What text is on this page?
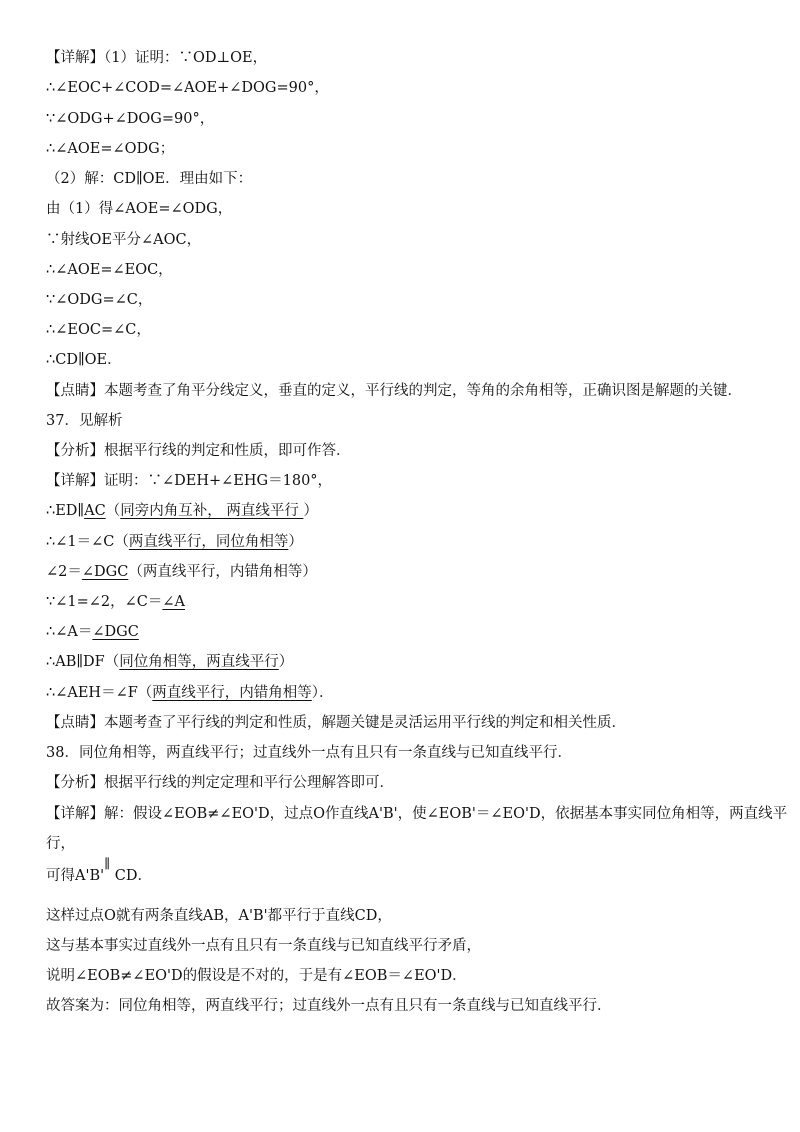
【详解】（1）证明：∵OD⊥OE，
∴∠EOC+∠COD=∠AOE+∠DOG=90°，
∵∠ODG+∠DOG=90°，
∴∠AOE=∠ODG；
（2）解：CD∥OE．理由如下：
由（1）得∠AOE=∠ODG，
∵射线OE平分∠AOC，
∴∠AOE=∠EOC，
∵∠ODG=∠C，
∴∠EOC=∠C，
∴CD∥OE．
【点睛】本题考查了角平分线定义，垂直的定义，平行线的判定，等角的余角相等，正确识图是解题的关键．
37．见解析
【分析】根据平行线的判定和性质，即可作答．
【详解】证明：∵∠DEH+∠EHG＝180°，
∴ED∥AC（同旁内角互补， 两直线平行 ）
∴∠1＝∠C（两直线平行，同位角相等）
∠2＝∠DGC（两直线平行，内错角相等）
∵∠1=∠2，∠C＝∠A
∴∠A＝∠DGC
∴AB∥DF（同位角相等，两直线平行）
∴∠AEH＝∠F（两直线平行，内错角相等）．
【点睛】本题考查了平行线的判定和性质，解题关键是灵活运用平行线的判定和相关性质．
38．同位角相等，两直线平行；过直线外一点有且只有一条直线与已知直线平行．
【分析】根据平行线的判定定理和平行公理解答即可．
【详解】解：假设∠EOB≠∠EO'D，过点O作直线A'B'，使∠EOB'＝∠EO'D，依据基本事实同位角相等，两直线平
行，
可得A'B'∥ CD．
这样过点O就有两条直线AB，A'B'都平行于直线CD，
这与基本事实过直线外一点有且只有一条直线与已知直线平行矛盾，
说明∠EOB≠∠EO'D的假设是不对的，于是有∠EOB＝∠EO'D．
故答案为：同位角相等，两直线平行；过直线外一点有且只有一条直线与已知直线平行．
